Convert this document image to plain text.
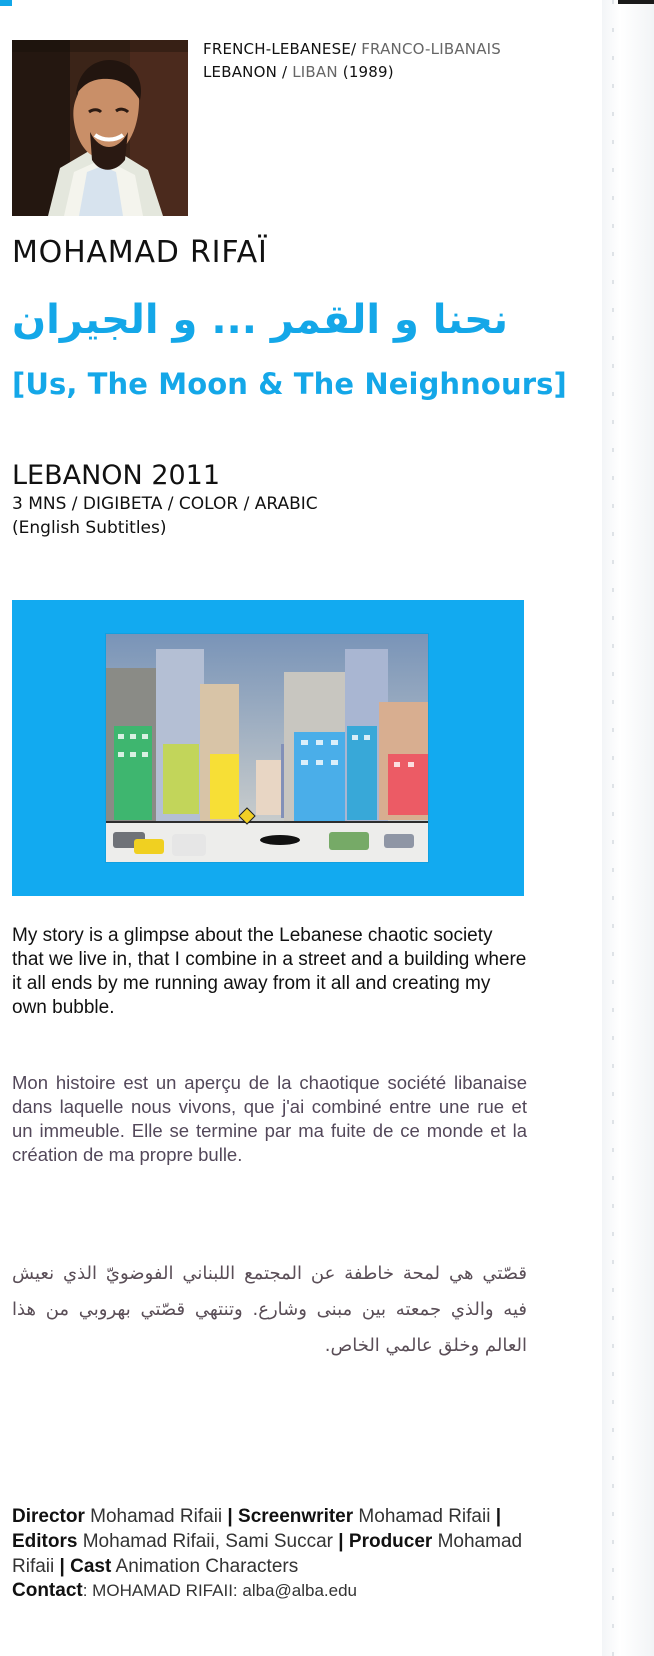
FRENCH-LEBANESE/ FRANCO-LIBANAIS
LEBANON / LIBAN (1989)
MOHAMAD RIFAÏ
نحنا و القمر ... و الجيران
[Us, The Moon & The Neighnours]
LEBANON 2011
3 MNS / DIGIBETA / COLOR / ARABIC
(English Subtitles)
My story is a glimpse about the Lebanese chaotic society that we live in, that I combine in a street and a building where it all ends by me running away from it all and creating my own bubble.
Mon histoire est un aperçu de la chaotique société libanaise dans laquelle nous vivons, que j'ai combiné entre une rue et un immeuble. Elle se termine par ma fuite de ce monde et la création de ma propre bulle.
قصّتي هي لمحة خاطفة عن المجتمع اللبناني الفوضويّ الذي نعيش فيه والذي جمعته بين مبنى وشارع. وتنتهي قصّتي بهروبي من هذا العالم وخلق عالمي الخاص.
Director Mohamad Rifaii | Screenwriter Mohamad Rifaii | Editors Mohamad Rifaii, Sami Succar | Producer Mohamad Rifaii | Cast Animation Characters
Contact: MOHAMAD RIFAII: alba@alba.edu
